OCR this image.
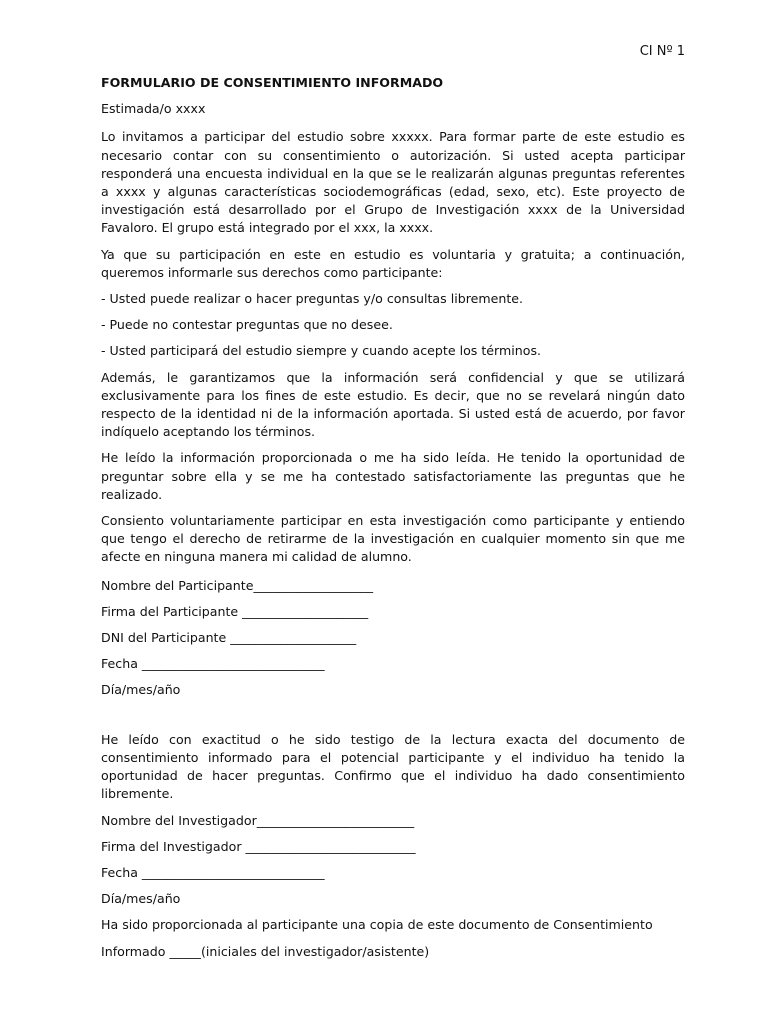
CI Nº 1

FORMULARIO DE CONSENTIMIENTO INFORMADO

Estimada/o xxxx

Lo invitamos a participar del estudio sobre xxxxx. Para formar parte de este estudio es necesario contar con su consentimiento o autorización. Si usted acepta participar responderá una encuesta individual en la que se le realizarán algunas preguntas referentes a xxxx y algunas características sociodemográficas (edad, sexo, etc). Este proyecto de investigación está desarrollado por el Grupo de Investigación xxxx de la Universidad Favaloro. El grupo está integrado por el xxx, la xxxx.

Ya que su participación en este en estudio es voluntaria y gratuita; a continuación, queremos informarle sus derechos como participante:

- Usted puede realizar o hacer preguntas y/o consultas libremente.

- Puede no contestar preguntas que no desee.

- Usted participará del estudio siempre y cuando acepte los términos.

Además, le garantizamos que la información será confidencial y que se utilizará exclusivamente para los fines de este estudio. Es decir, que no se revelará ningún dato respecto de la identidad ni de la información aportada. Si usted está de acuerdo, por favor indíquelo aceptando los términos.

He leído la información proporcionada o me ha sido leída. He tenido la oportunidad de preguntar sobre ella y se me ha contestado satisfactoriamente las preguntas que he realizado.

Consiento voluntariamente participar en esta investigación como participante y entiendo que tengo el derecho de retirarme de la investigación en cualquier momento sin que me afecte en ninguna manera mi calidad de alumno.

Nombre del Participante___________________

Firma del Participante ____________________

DNI del Participante ____________________

Fecha _____________________________

Día/mes/año

He leído con exactitud o he sido testigo de la lectura exacta del documento de consentimiento informado para el potencial participante y el individuo ha tenido la oportunidad de hacer preguntas. Confirmo que el individuo ha dado consentimiento libremente.

Nombre del Investigador_________________________

Firma del Investigador ___________________________

Fecha _____________________________

Día/mes/año

Ha sido proporcionada al participante una copia de este documento de Consentimiento

Informado _____(iniciales del investigador/asistente)
